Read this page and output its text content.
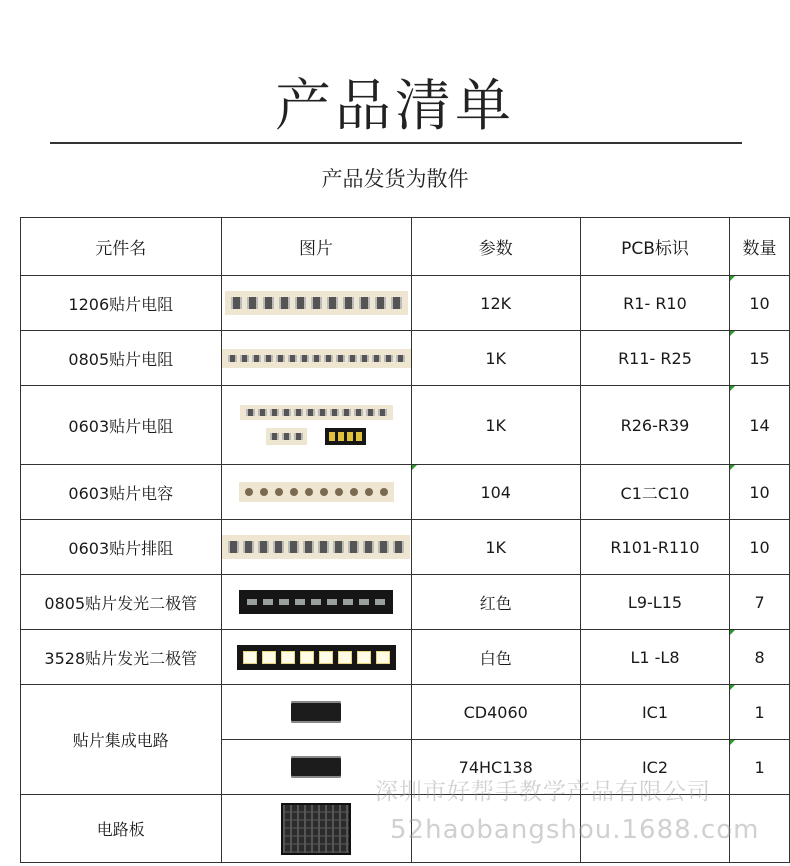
产品清单
产品发货为散件
元件名	图片	参数	PCB标识	数量
1206贴片电阻		12K	R1- R10	10
0805贴片电阻		1K	R11- R25	15
0603贴片电阻		1K	R26-R39	14
0603贴片电容		104	C1二C10	10
0603贴片排阻		1K	R101-R110	10
0805贴片发光二极管		红色	L9-L15	7
3528贴片发光二极管		白色	L1 -L8	8
贴片集成电路		CD4060	IC1	1

		74HC138	IC2	1
电路板	

深圳市好帮手教学产品有限公司
52haobangshou.1688.com
